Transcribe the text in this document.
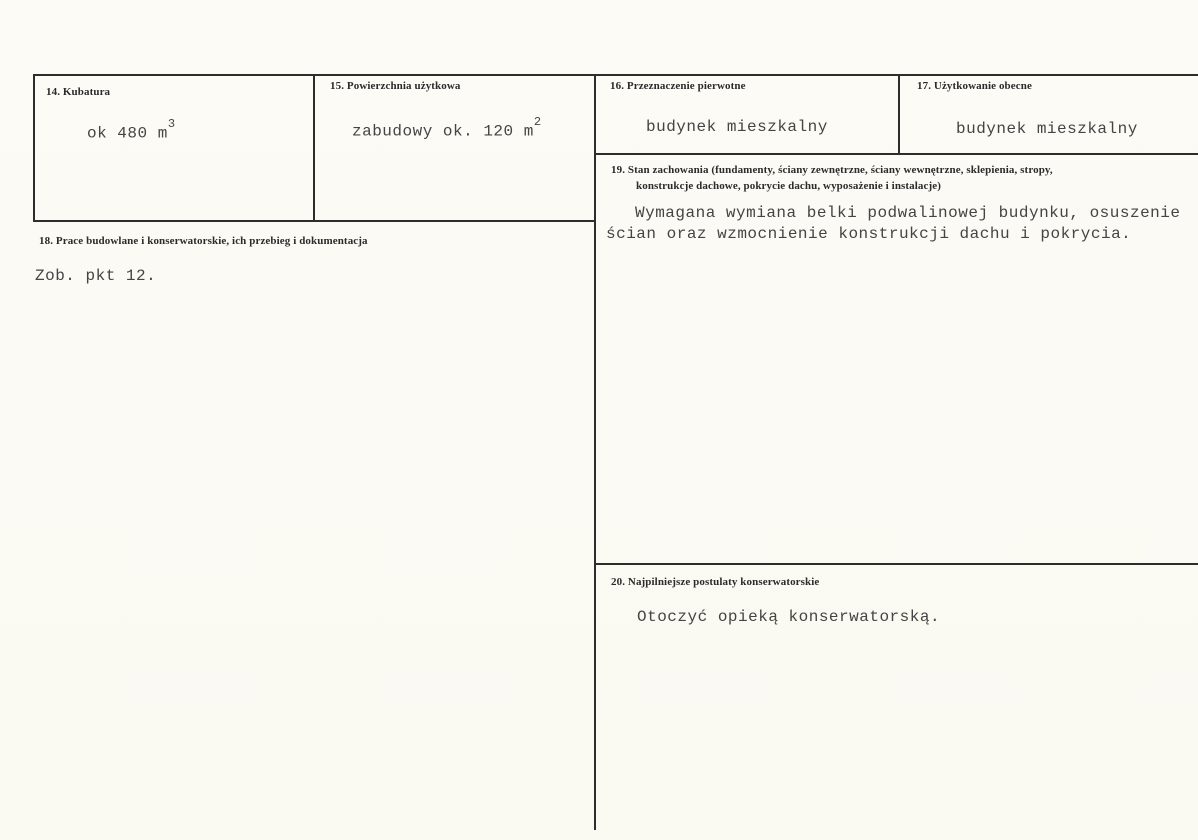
14. Kubatura
ok 480 $m^3$
15. Powierzchnia użytkowa
zabudowy ok. 120 $m^2$
16. Przeznaczenie pierwotne
budynek mieszkalny
17. Użytkowanie obecne
budynek mieszkalny
18. Prace budowlane i konserwatorskie, ich przebieg i dokumentacja
Zob. pkt 12.
19. Stan zachowania (fundamenty, ściany zewnętrzne, ściany wewnętrzne, sklepienia, stropy,
konstrukcje dachowe, pokrycie dachu, wyposażenie i instalacje)
Wymagana wymiana belki podwalinowej budynku, osuszenie
ścian oraz wzmocnienie konstrukcji dachu i pokrycia.
20. Najpilniejsze postulaty konserwatorskie
Otoczyć opieką konserwatorską.
